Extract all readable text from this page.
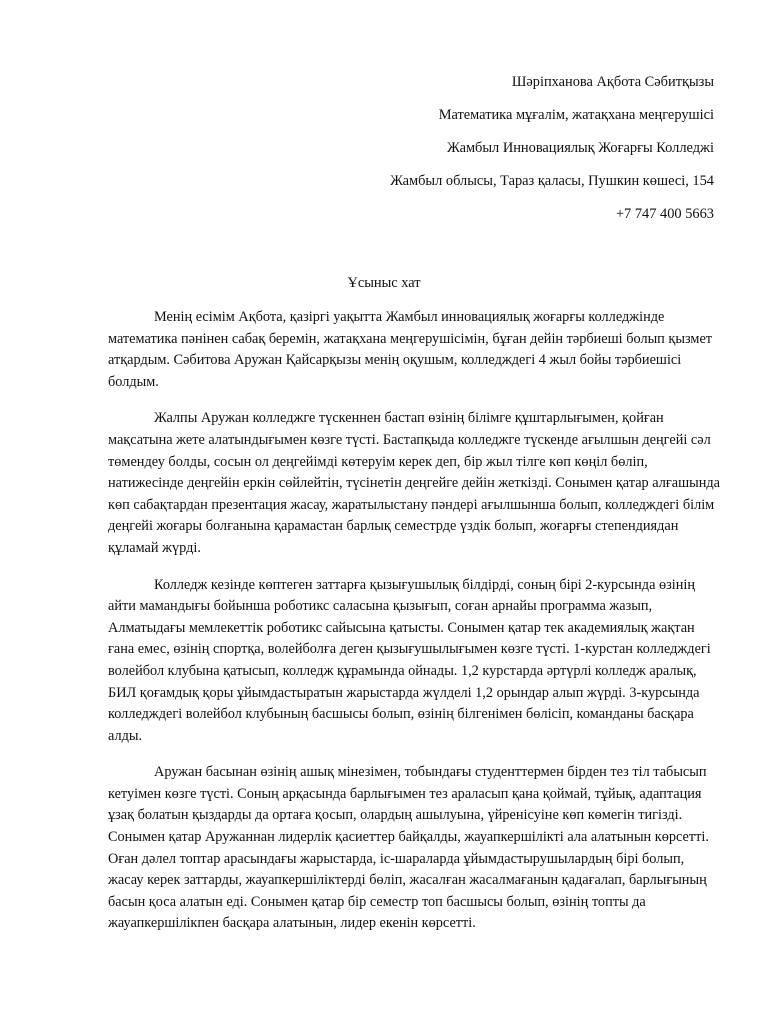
Шәріпханова Ақбота Сәбитқызы
Математика мұғалім, жатақхана меңгерушісі
Жамбыл Инновациялық Жоғарғы Колледжі
Жамбыл облысы, Тараз қаласы, Пушкин көшесі, 154
+7 747 400 5663
Ұсыныс хат

Менің есімім Ақбота, қазіргі уақытта Жамбыл инновациялық жоғарғы колледжінде математика пәнінен сабақ беремін, жатақхана меңгерушісімін, бұған дейін тәрбиеші болып қызмет атқардым. Сәбитова Аружан Қайсарқызы менің оқушым, колледждегі 4 жыл бойы тәрбиешісі болдым.

Жалпы Аружан колледжге түскеннен бастап өзінің білімге құштарлығымен, қойған мақсатына жете алатындығымен көзге түсті. Бастапқыда колледжге түскенде ағылшын деңгейі сәл төмендеу болды, сосын ол деңгейімді көтеруім керек деп, бір жыл тілге көп көңіл бөліп, натижесінде деңгейін еркін сөйлейтін, түсінетін деңгейге дейін жеткізді. Сонымен қатар алғашында көп сабақтардан презентация жасау, жаратылыстану пәндері ағылшынша болып, колледждегі білім деңгейі жоғары болғанына қарамастан барлық семестрде үздік болып, жоғарғы степендиядан құламай жүрді.

Колледж кезінде көптеген заттарға қызығушылық білдірді, соның бірі 2-курсында өзінің айти мамандығы бойынша роботикс саласына қызығып, соған арнайы программа жазып, Алматыдағы мемлекеттік роботикс сайысына қатысты. Сонымен қатар тек академиялық жақтан ғана емес, өзінің спортқа, волейболға деген қызығушылығымен көзге түсті. 1-курстан колледждегі волейбол клубына қатысып, колледж құрамында ойнады. 1,2 курстарда әртүрлі колледж аралық, БИЛ қоғамдық қоры ұйымдастыратын жарыстарда жүлделі 1,2 орындар алып жүрді. 3-курсында колледждегі волейбол клубының басшысы болып, өзінің білгенімен бөлісіп, команданы басқара алды.

Аружан басынан өзінің ашық мінезімен, тобындағы студенттермен бірден тез тіл табысып кетуімен көзге түсті. Соның арқасында барлығымен тез араласып қана қоймай, тұйық, адаптация ұзақ болатын қыздарды да ортаға қосып, олардың ашылуына, үйренісуіне көп көмегін тигізді. Сонымен қатар Аружаннан лидерлік қасиеттер байқалды, жауапкершілікті ала алатынын көрсетті. Оған дәлел топтар арасындағы жарыстарда, іс-шараларда ұйымдастырушылардың бірі болып, жасау керек заттарды, жауапкершіліктерді бөліп, жасалған жасалмағанын қадағалап, барлығының басын қоса алатын еді. Сонымен қатар бір семестр топ басшысы болып, өзінің топты да жауапкершілікпен басқара алатынын, лидер екенін көрсетті.
